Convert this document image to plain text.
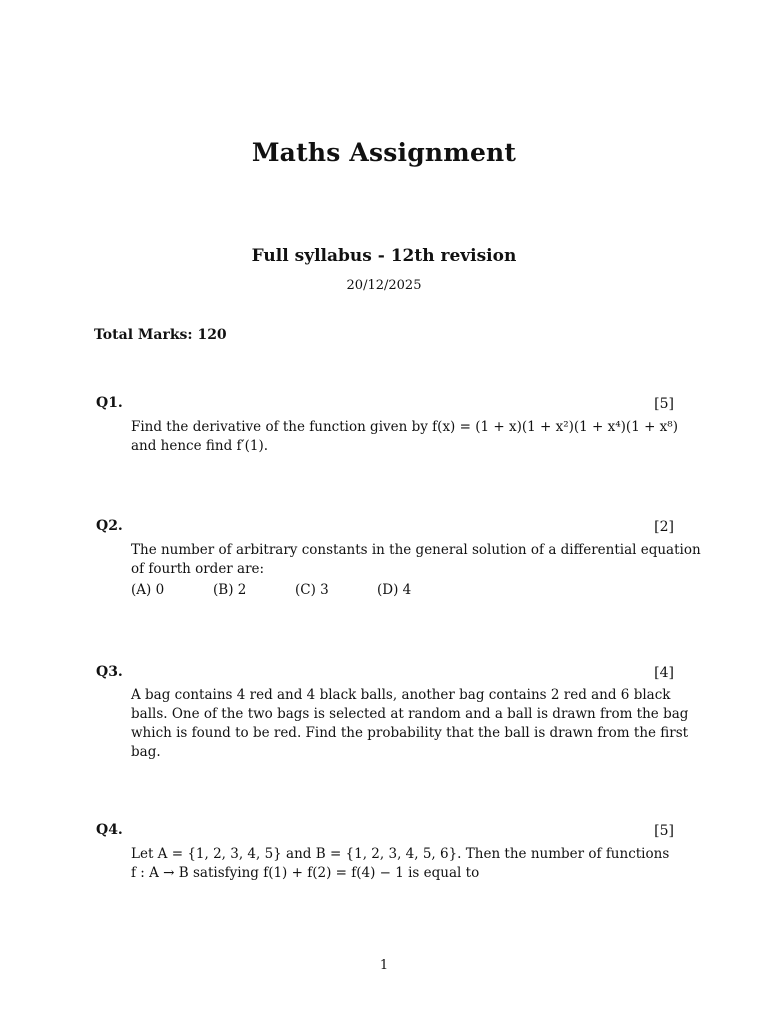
Maths Assignment
Full syllabus - 12th revision
20/12/2025
Total Marks: 120
Q1.	[5]
Find the derivative of the function given by f(x) = (1 + x)(1 + x²)(1 + x⁴)(1 + x⁸)
and hence find f′(1).
Q2.	[2]
The number of arbitrary constants in the general solution of a differential equation
of fourth order are:
(A) 0	(B) 2	(C) 3	(D) 4
Q3.	[4]
A bag contains 4 red and 4 black balls, another bag contains 2 red and 6 black
balls. One of the two bags is selected at random and a ball is drawn from the bag
which is found to be red. Find the probability that the ball is drawn from the first
bag.
Q4.	[5]
Let A = {1, 2, 3, 4, 5} and B = {1, 2, 3, 4, 5, 6}. Then the number of functions
f : A → B satisfying f(1) + f(2) = f(4) − 1 is equal to
1
